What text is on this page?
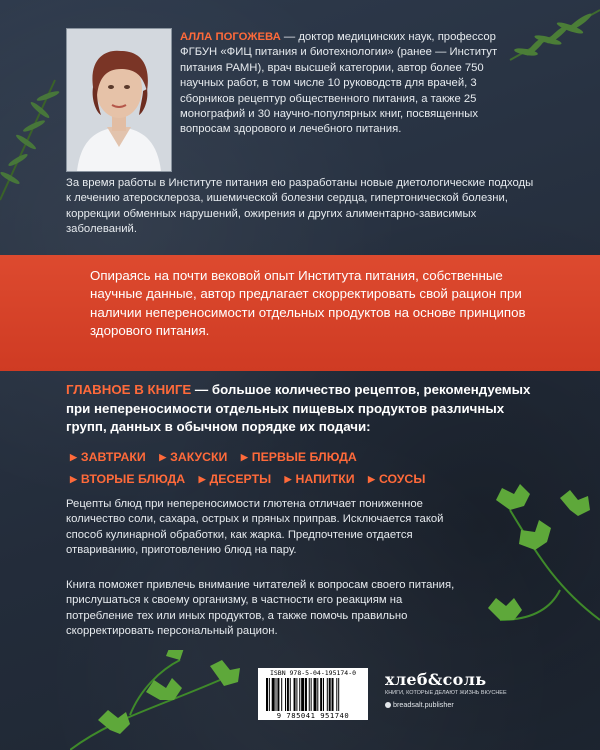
АЛЛА ПОГОЖЕВА — доктор медицинских наук, профессор ФГБУН «ФИЦ питания и биотехнологии» (ранее — Институт питания РАМН), врач высшей категории, автор более 750 научных работ, в том числе 10 руководств для врачей, 3 сборников рецептур общественного питания, а также 25 монографий и 30 научно-популярных книг, посвященных вопросам здорового и лечебного питания.
За время работы в Институте питания ею разработаны новые диетологические подходы к лечению атеросклероза, ишемической болезни сердца, гипертонической болезни, коррекции обменных нарушений, ожирения и других алиментарно-зависимых заболеваний.
Опираясь на почти вековой опыт Института питания, собственные научные данные, автор предлагает скорректировать свой рацион при наличии непереносимости отдельных продуктов на основе принципов здорового питания.
ГЛАВНОЕ В КНИГЕ — большое количество рецептов, рекомендуемых при непереносимости отдельных пищевых продуктов различных групп, данных в обычном порядке их подачи:
▶ ЗАВТРАКИ ▶ ЗАКУСКИ ▶ ПЕРВЫЕ БЛЮДА
▶ ВТОРЫЕ БЛЮДА ▶ ДЕСЕРТЫ ▶ НАПИТКИ ▶ СОУСЫ
Рецепты блюд при непереносимости глютена отличает пониженное количество соли, сахара, острых и пряных приправ. Исключается такой способ кулинарной обработки, как жарка. Предпочтение отдается отвариванию, приготовлению блюд на пару.
Книга поможет привлечь внимание читателей к вопросам своего питания, прислушаться к своему организму, в частности его реакциям на потребление тех или иных продуктов, а также помочь правильно скорректировать персональный рацион.
ISBN 978-5-04-195174-0
9 785041 951740
хлеб&соль
КНИГИ, КОТОРЫЕ ДЕЛАЮТ ЖИЗНЬ ВКУСНЕЕ
breadsalt.publisher
